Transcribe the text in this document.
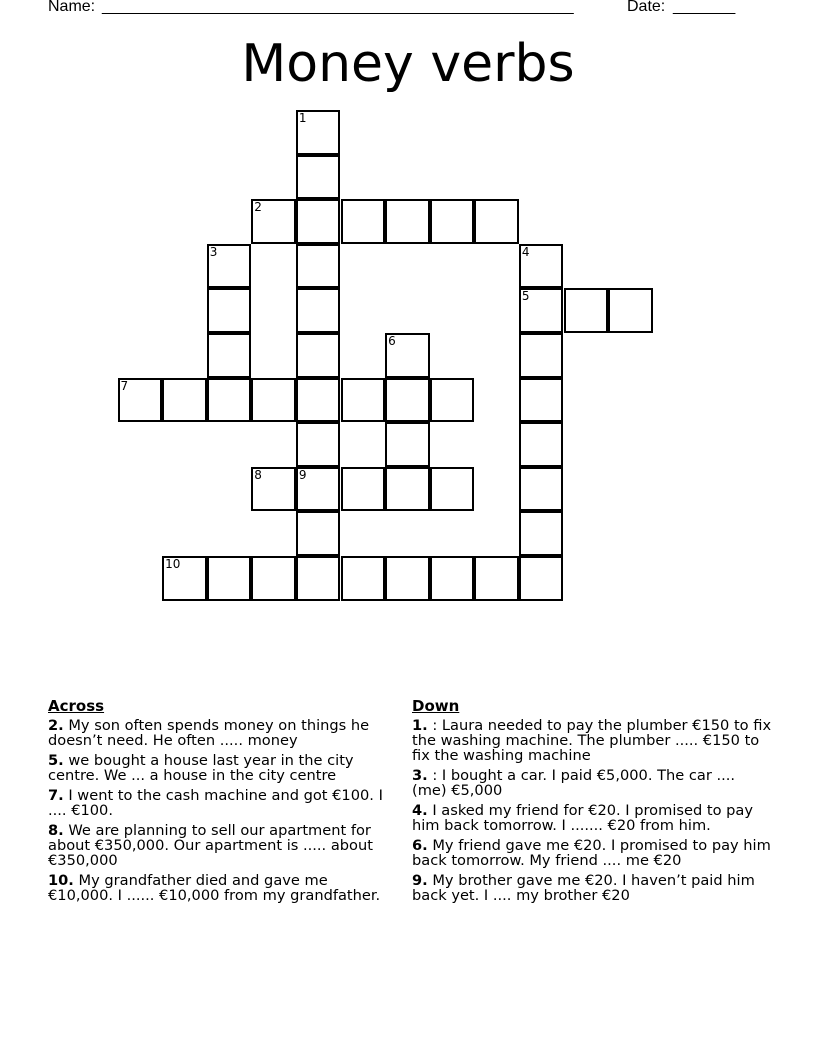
Name: _____________________________________________________	Date: _______
Money verbs
2
5
7
8	9
10
1
3	4
6
Across
2. My son often spends money on things he doesn’t need. He often ..... money
5. we bought a house last year in the city centre. We ... a house in the city centre
7. I went to the cash machine and got €100. I .... €100.
8. We are planning to sell our apartment for about €350,000. Our apartment is ..... about €350,000
10. My grandfather died and gave me €10,000. I ...... €10,000 from my grandfather.
Down
1. : Laura needed to pay the plumber €150 to fix the washing machine. The plumber ..... €150 to fix the washing machine
3. : I bought a car. I paid €5,000. The car .... (me) €5,000
4. I asked my friend for €20. I promised to pay him back tomorrow. I ....... €20 from him.
6. My friend gave me €20. I promised to pay him back tomorrow. My friend .... me €20
9. My brother gave me €20. I haven’t paid him back yet. I .... my brother €20
